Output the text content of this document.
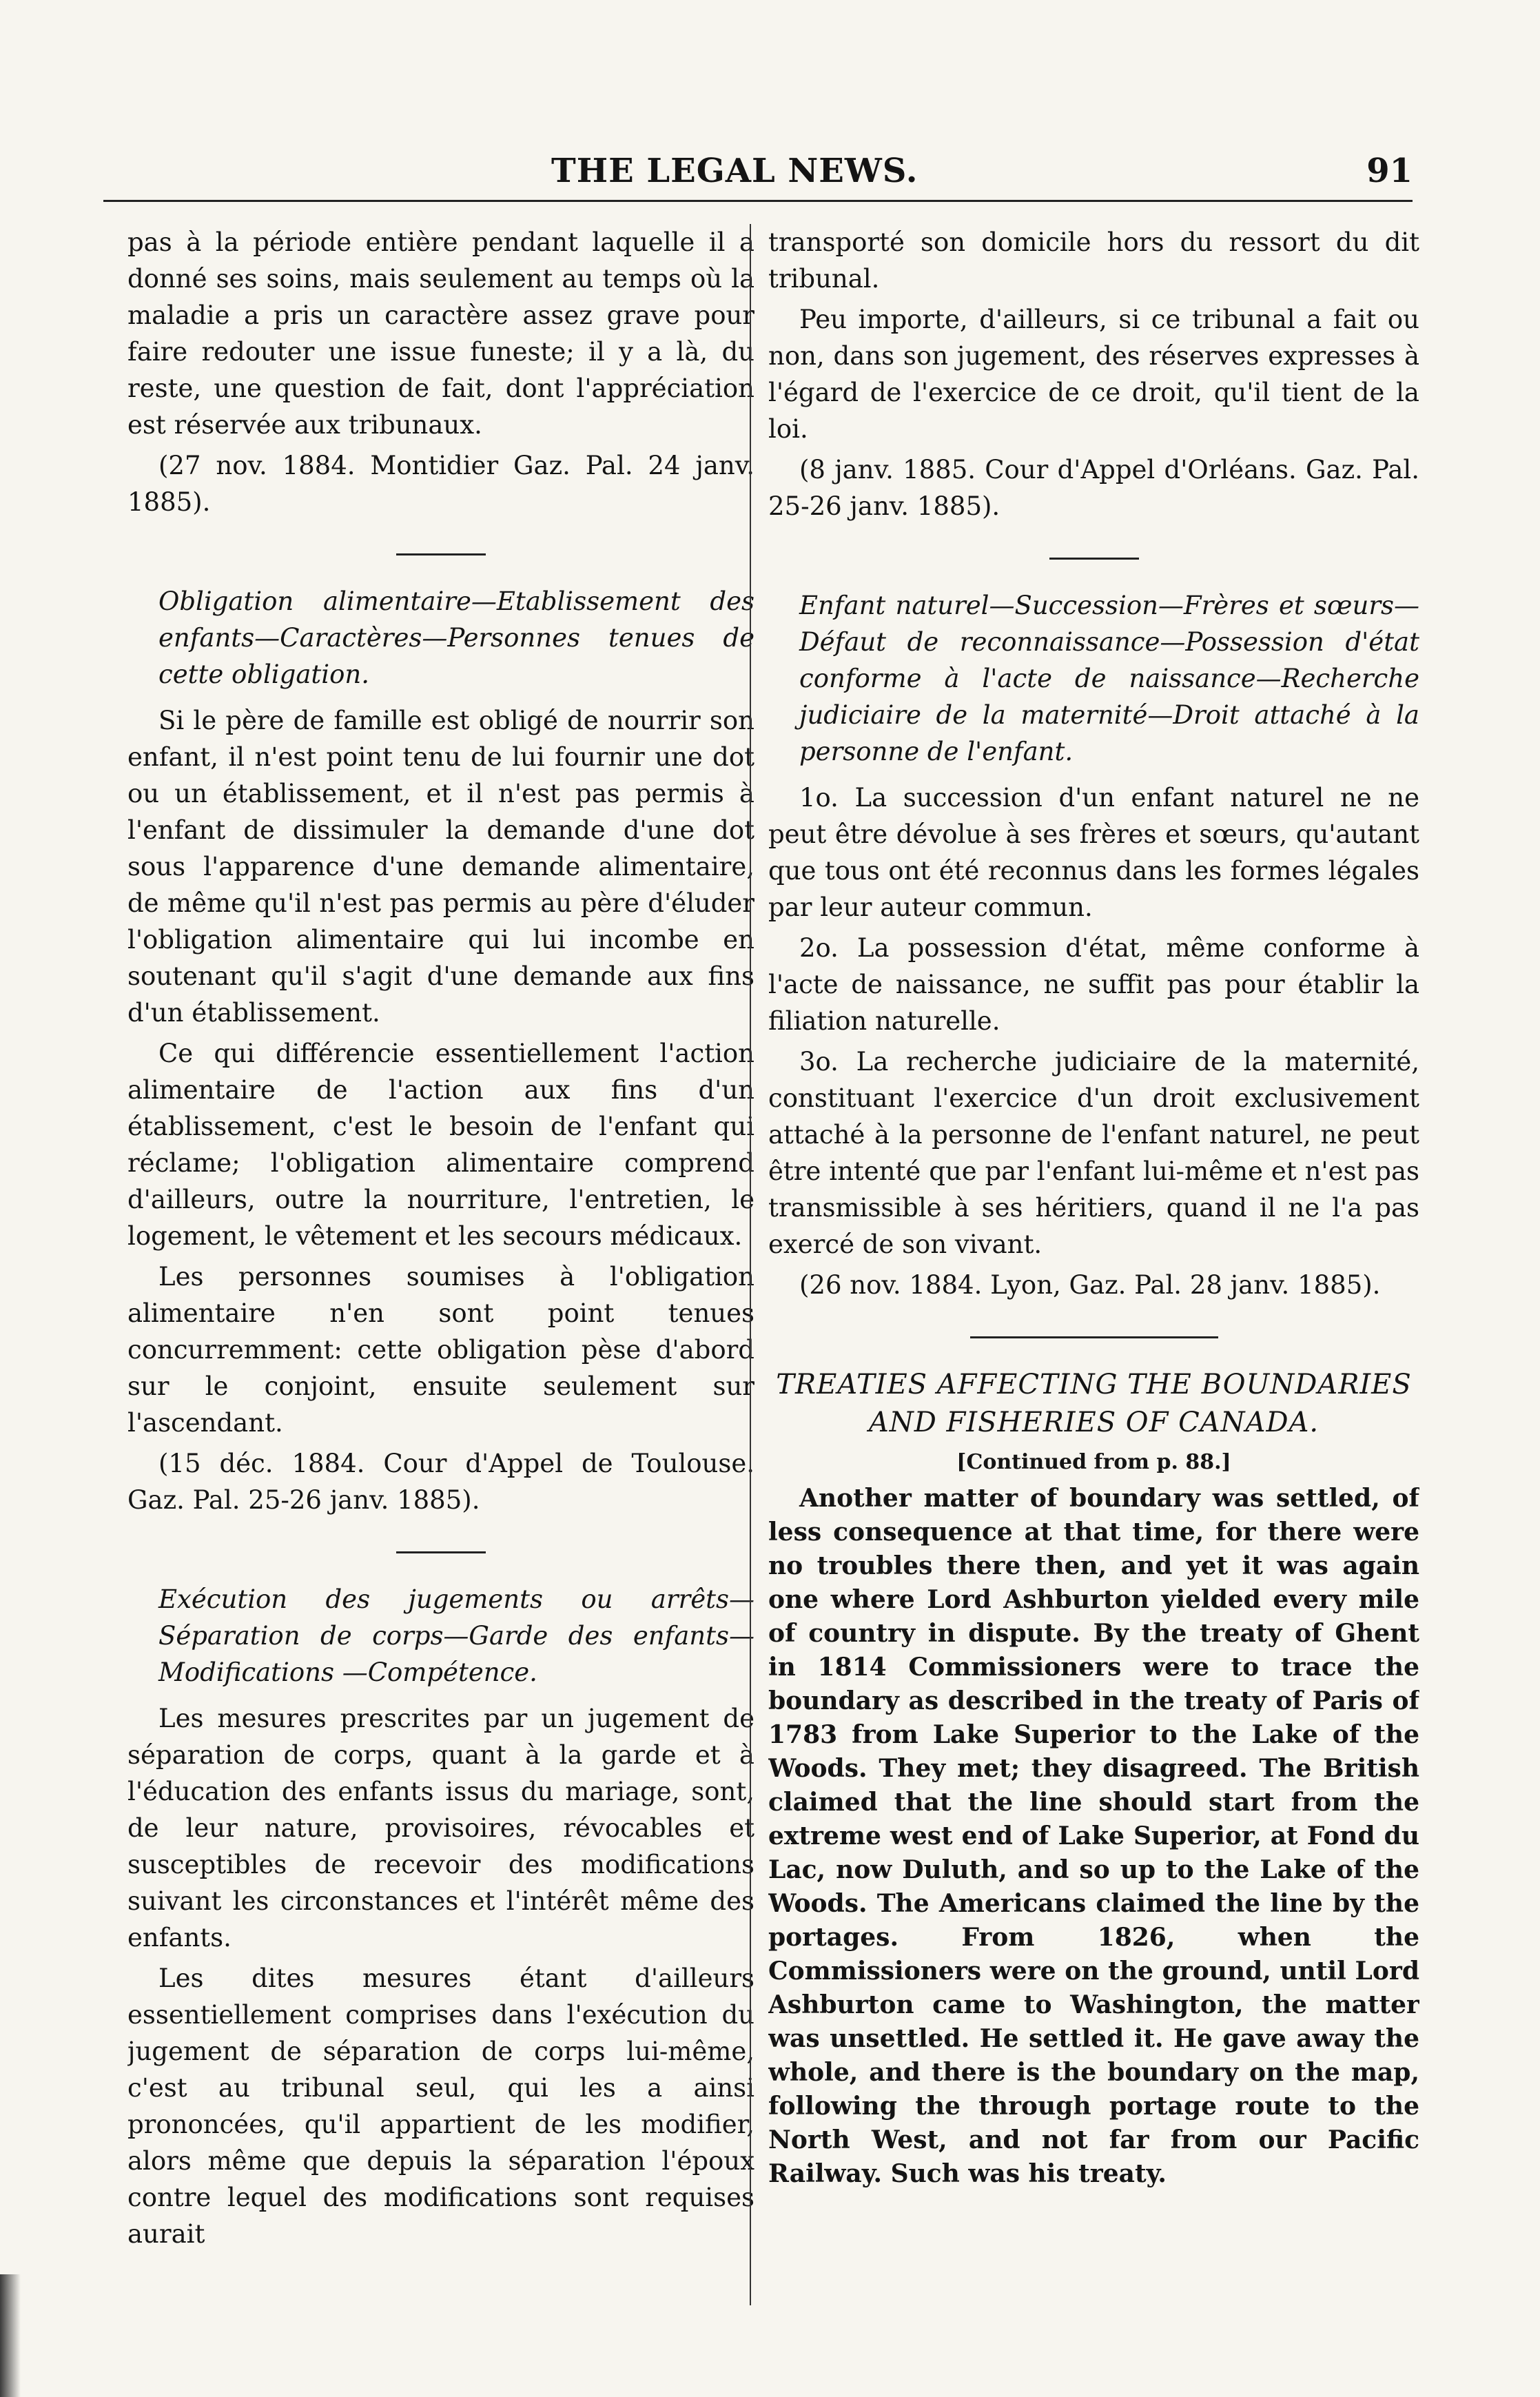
THE LEGAL NEWS.	91

pas à la période entière pendant laquelle il a donné ses soins, mais seulement au temps où la maladie a pris un caractère assez grave pour faire redouter une issue funeste; il y a là, du reste, une question de fait, dont l'appréciation est réservée aux tribunaux.

(27 nov. 1884. Montidier Gaz. Pal. 24 janv. 1885).

Obligation alimentaire—Etablissement des enfants—Caractères—Personnes tenues de cette obligation.

Si le père de famille est obligé de nourrir son enfant, il n'est point tenu de lui fournir une dot ou un établissement, et il n'est pas permis à l'enfant de dissimuler la demande d'une dot sous l'apparence d'une demande alimentaire, de même qu'il n'est pas permis au père d'éluder l'obligation alimentaire qui lui incombe en soutenant qu'il s'agit d'une demande aux fins d'un établissement.

Ce qui différencie essentiellement l'action alimentaire de l'action aux fins d'un établissement, c'est le besoin de l'enfant qui réclame; l'obligation alimentaire comprend d'ailleurs, outre la nourriture, l'entretien, le logement, le vêtement et les secours médicaux.

Les personnes soumises à l'obligation alimentaire n'en sont point tenues concurremment: cette obligation pèse d'abord sur le conjoint, ensuite seulement sur l'ascendant.

(15 déc. 1884. Cour d'Appel de Toulouse. Gaz. Pal. 25-26 janv. 1885).

Exécution des jugements ou arrêts—Séparation de corps—Garde des enfants—Modifications —Compétence.

Les mesures prescrites par un jugement de séparation de corps, quant à la garde et à l'éducation des enfants issus du mariage, sont, de leur nature, provisoires, révocables et susceptibles de recevoir des modifications suivant les circonstances et l'intérêt même des enfants.

Les dites mesures étant d'ailleurs essentiellement comprises dans l'exécution du jugement de séparation de corps lui-même, c'est au tribunal seul, qui les a ainsi prononcées, qu'il appartient de les modifier, alors même que depuis la séparation l'époux contre lequel des modifications sont requises aurait

transporté son domicile hors du ressort du dit tribunal.

Peu importe, d'ailleurs, si ce tribunal a fait ou non, dans son jugement, des réserves expresses à l'égard de l'exercice de ce droit, qu'il tient de la loi.

(8 janv. 1885. Cour d'Appel d'Orléans. Gaz. Pal. 25-26 janv. 1885).

Enfant naturel—Succession—Frères et sœurs—Défaut de reconnaissance—Possession d'état conforme à l'acte de naissance—Recherche judiciaire de la maternité—Droit attaché à la personne de l'enfant.

1o. La succession d'un enfant naturel ne ne peut être dévolue à ses frères et sœurs, qu'autant que tous ont été reconnus dans les formes légales par leur auteur commun.

2o. La possession d'état, même conforme à l'acte de naissance, ne suffit pas pour établir la filiation naturelle.

3o. La recherche judiciaire de la maternité, constituant l'exercice d'un droit exclusivement attaché à la personne de l'enfant naturel, ne peut être intenté que par l'enfant lui-même et n'est pas transmissible à ses héritiers, quand il ne l'a pas exercé de son vivant.

(26 nov. 1884. Lyon, Gaz. Pal. 28 janv. 1885).

TREATIES AFFECTING THE BOUNDARIES AND FISHERIES OF CANADA.

[Continued from p. 88.]

Another matter of boundary was settled, of less consequence at that time, for there were no troubles there then, and yet it was again one where Lord Ashburton yielded every mile of country in dispute. By the treaty of Ghent in 1814 Commissioners were to trace the boundary as described in the treaty of Paris of 1783 from Lake Superior to the Lake of the Woods. They met; they disagreed. The British claimed that the line should start from the extreme west end of Lake Superior, at Fond du Lac, now Duluth, and so up to the Lake of the Woods. The Americans claimed the line by the portages. From 1826, when the Commissioners were on the ground, until Lord Ashburton came to Washington, the matter was unsettled. He settled it. He gave away the whole, and there is the boundary on the map, following the through portage route to the North West, and not far from our Pacific Railway. Such was his treaty.
